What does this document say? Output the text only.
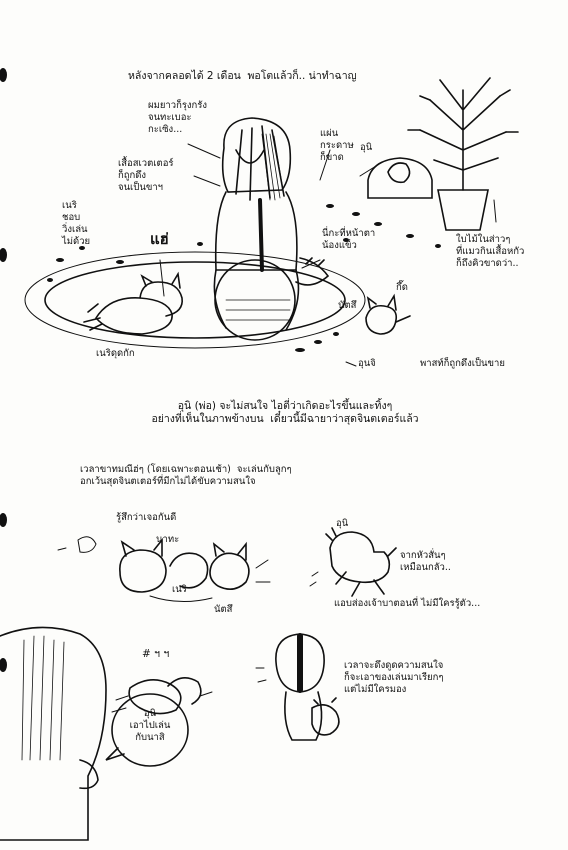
หลังจากคลอดได้ 2 เดือน  พอโตแล้วก็.. น่าทำฉาญ
ผมยาวก็รุงกรัง
จนทะเบอะ
กะเซิง...
เสื้อสเวตเตอร์
ก็ถูกดึง
จนเป็นขาฯ
เนริ
ชอบ
วิ่งเล่น
ไม่ด้วย	แฮ่
แผ่น
กระดาษ
ก็ขาด
อุนิ
นี่กะที่หน้าตา
น้องแข็ว
ใบไม้ในส่าวๆ
ที่แมวกินเสื้อหกัว
ก็ถึงคิวขาดว่า..
นัตสึ
กึ๊ด
เนริดุดกัก
อุนจิ	พาสท์ก็ถูกดึงเป็นขาย
อุนิ (พ่อ) จะไม่สนใจ ไอตี่ว่าเกิดอะไรขึ้นและทิ้งๆ
อย่างที่เห็นในภาพข้างบน  เดี๋ยวนี้มีฉายาว่าสุดจินตเตอร์แล้ว
เวลาขาทมณีฮ่ๆ (โดยเฉพาะตอนเช้า)  จะเล่นกับลูกๆ
อกเว้นสุดจินตเตอร์ที่มีกไม่ได้ขับความสนใจ
รู้สึกว่าเจอกันดี
นาทะ
เนริ
นัตสึ
อุนิ
จากหัวสั่นๆ
เหมือนกลัว..
แอบส่องเจ้าบาตอนที่ ไม่มีใครรู้ตัว...
# ฯ ฯ
อุนิ
เอาไปเล่น
กับนาสิ
เวลาจะดึงดูดความสนใจ
ก็จะเอาของเล่นมาเรียกๆ
แต่ไม่มีใครมอง
